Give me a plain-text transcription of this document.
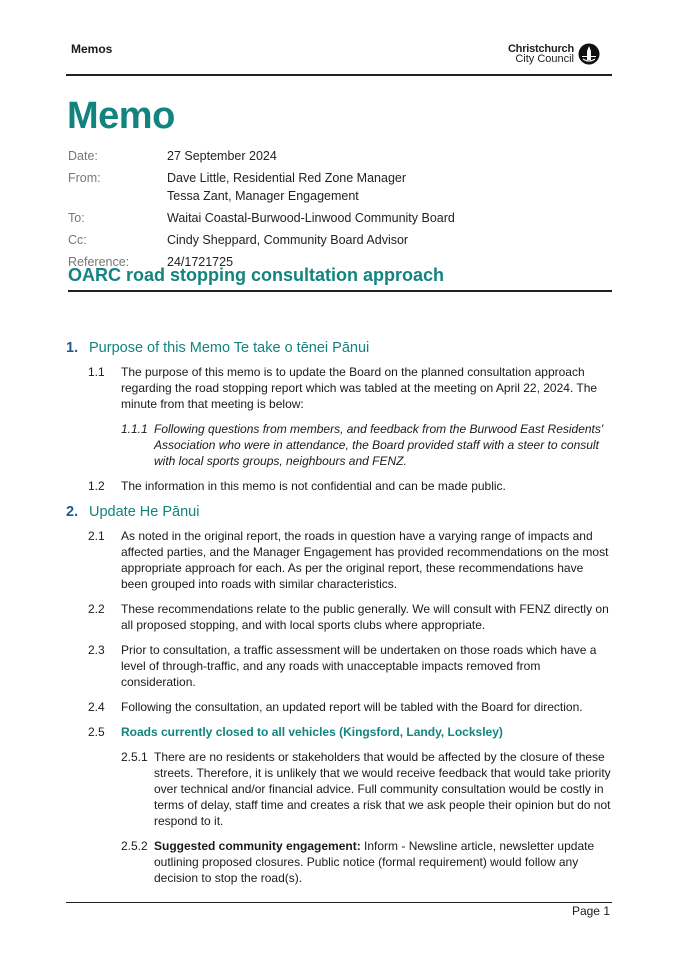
Memos	Christchurch
City Council
Memo
Date:	27 September 2024
From:	Dave Little, Residential Red Zone Manager
Tessa Zant, Manager Engagement
To:	Waitai Coastal-Burwood-Linwood Community Board
Cc:	Cindy Sheppard, Community Board Advisor
Reference:	24/1721725
OARC road stopping consultation approach
1. Purpose of this Memo Te take o tēnei Pānui
1.1	The purpose of this memo is to update the Board on the planned consultation approach regarding the road stopping report which was tabled at the meeting on April 22, 2024. The minute from that meeting is below:
1.1.1 Following questions from members, and feedback from the Burwood East Residents' Association who were in attendance, the Board provided staff with a steer to consult with local sports groups, neighbours and FENZ.
1.2	The information in this memo is not confidential and can be made public.
2. Update He Pānui
2.1	As noted in the original report, the roads in question have a varying range of impacts and affected parties, and the Manager Engagement has provided recommendations on the most appropriate approach for each. As per the original report, these recommendations have been grouped into roads with similar characteristics.
2.2	These recommendations relate to the public generally. We will consult with FENZ directly on all proposed stopping, and with local sports clubs where appropriate.
2.3	Prior to consultation, a traffic assessment will be undertaken on those roads which have a level of through-traffic, and any roads with unacceptable impacts removed from consideration.
2.4	Following the consultation, an updated report will be tabled with the Board for direction.
2.5	Roads currently closed to all vehicles (Kingsford, Landy, Locksley)
2.5.1 There are no residents or stakeholders that would be affected by the closure of these streets. Therefore, it is unlikely that we would receive feedback that would take priority over technical and/or financial advice. Full community consultation would be costly in terms of delay, staff time and creates a risk that we ask people their opinion but do not respond to it.
2.5.2 Suggested community engagement: Inform - Newsline article, newsletter update outlining proposed closures. Public notice (formal requirement) would follow any decision to stop the road(s).
Page 1
